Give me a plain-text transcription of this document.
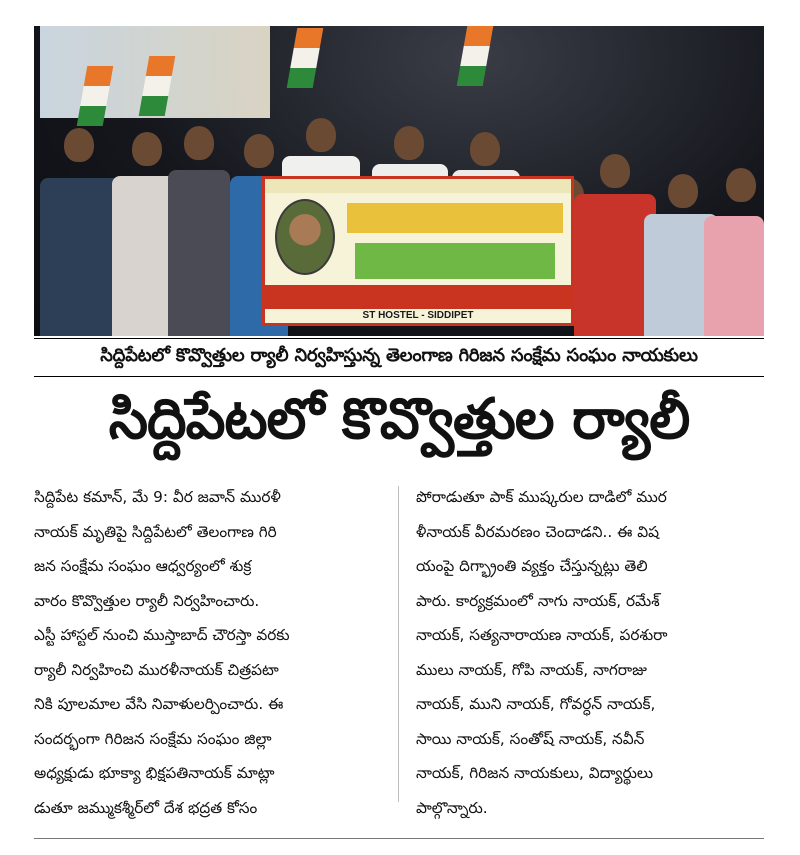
ST HOSTEL - SIDDIPET
సిద్దిపేటలో కొవ్వొత్తుల ర్యాలీ నిర్వహిస్తున్న తెలంగాణ గిరిజన సంక్షేమ సంఘం నాయకులు
సిద్దిపేటలో కొవ్వొత్తుల ర్యాలీ
సిద్దిపేట కమాన్, మే 9: వీర జవాన్ మురళీ
నాయక్ మృతిపై సిద్దిపేటలో తెలంగాణ గిరి
జన సంక్షేమ సంఘం ఆధ్వర్యంలో శుక్ర
వారం కొవ్వొత్తుల ర్యాలీ నిర్వహించారు.
ఎస్టీ హాస్టల్ నుంచి ముస్తాబాద్ చౌరస్తా వరకు
ర్యాలీ నిర్వహించి మురళీనాయక్ చిత్రపటా
నికి పూలమాల వేసి నివాళులర్పించారు. ఈ
సందర్భంగా గిరిజన సంక్షేమ సంఘం జిల్లా
అధ్యక్షుడు భూక్యా భిక్షపతినాయక్ మాట్లా
డుతూ జమ్ముకశ్మీర్‌లో దేశ భద్రత కోసం
పోరాడుతూ పాక్ ముష్కరుల దాడిలో ముర
ళీనాయక్ వీరమరణం చెందాడని.. ఈ విష
యంపై దిగ్భ్రాంతి వ్యక్తం చేస్తున్నట్లు తెలి
పారు. కార్యక్రమంలో నాగు నాయక్, రమేశ్
నాయక్, సత్యనారాయణ నాయక్, పరశురా
ములు నాయక్, గోపి నాయక్, నాగరాజు
నాయక్, ముని నాయక్, గోవర్ధన్ నాయక్,
సాయి నాయక్, సంతోష్ నాయక్, నవీన్
నాయక్, గిరిజన నాయకులు, విద్యార్థులు
పాల్గొన్నారు.
